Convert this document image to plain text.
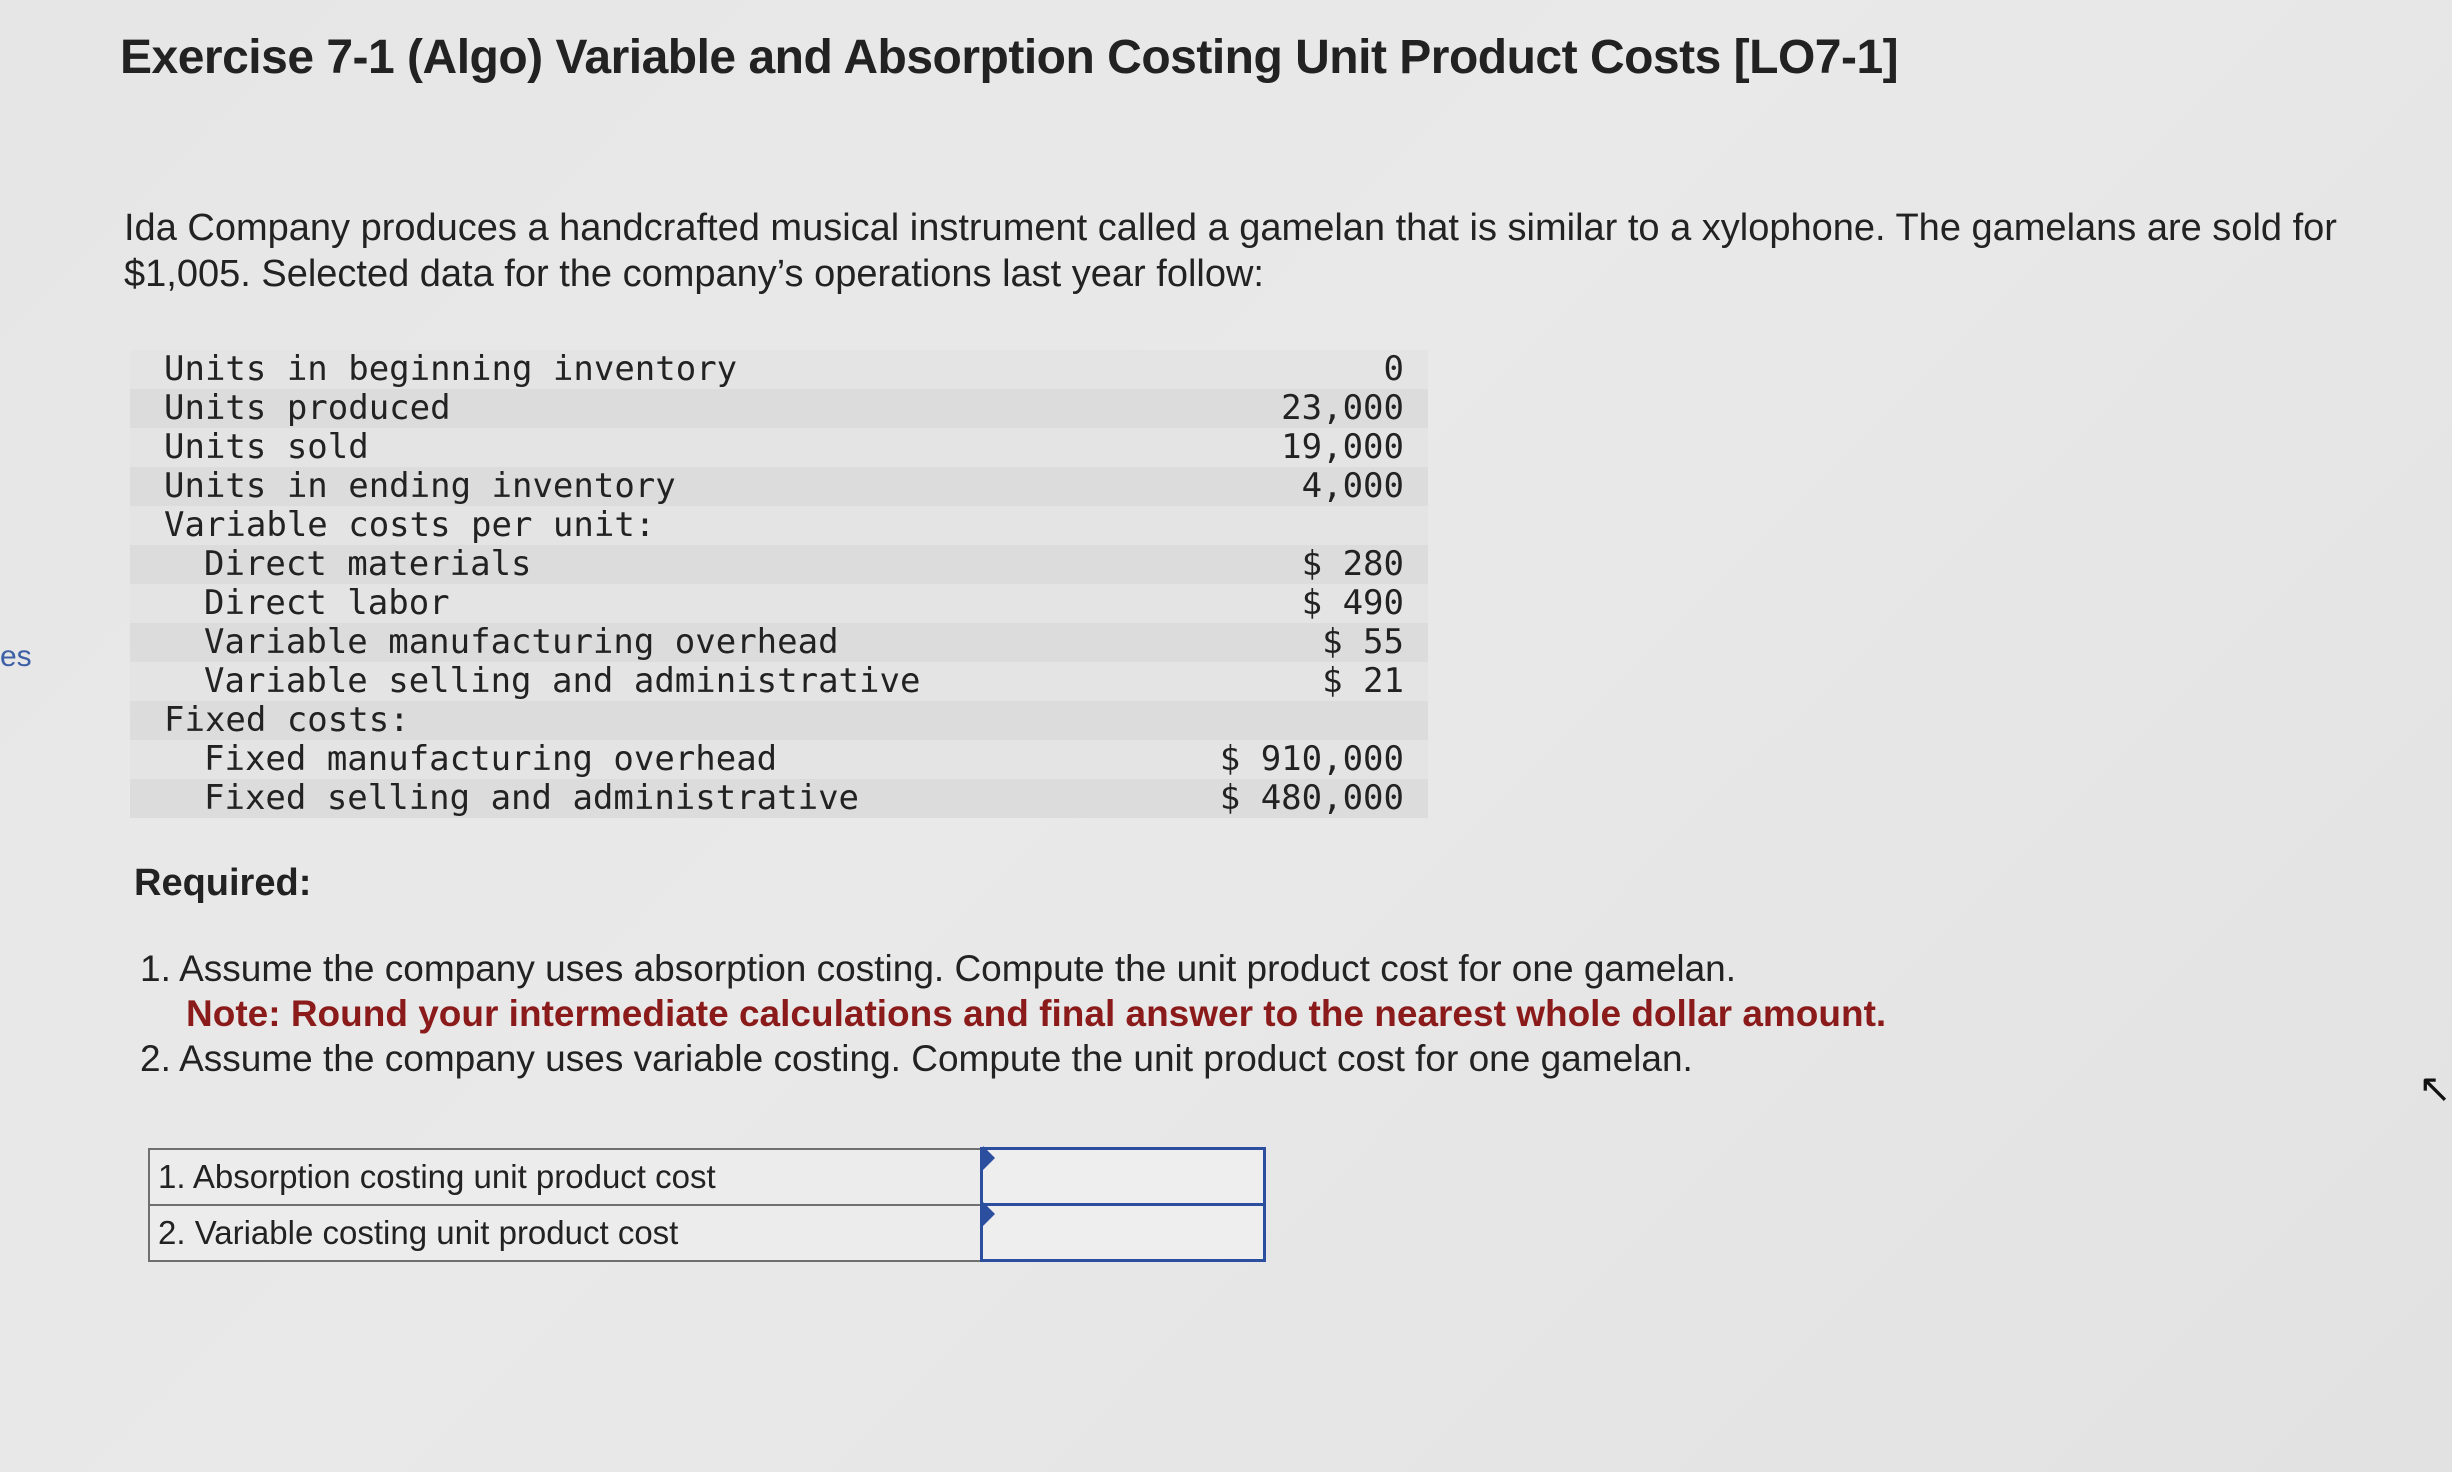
es
Exercise 7-1 (Algo) Variable and Absorption Costing Unit Product Costs [LO7-1]

Ida Company produces a handcrafted musical instrument called a gamelan that is similar to a xylophone. The gamelans are sold for
$1,005. Selected data for the company’s operations last year follow:

Units in beginning inventory	0
Units produced	23,000
Units sold	19,000
Units in ending inventory	4,000
Variable costs per unit:	
Direct materials	$ 280
Direct labor	$ 490
Variable manufacturing overhead	$ 55
Variable selling and administrative	$ 21
Fixed costs:	
Fixed manufacturing overhead	$ 910,000
Fixed selling and administrative	$ 480,000
Required:
1. Assume the company uses absorption costing. Compute the unit product cost for one gamelan.
Note: Round your intermediate calculations and final answer to the nearest whole dollar amount.
2. Assume the company uses variable costing. Compute the unit product cost for one gamelan.
1. Absorption costing unit product cost	
2. Variable costing unit product cost	
↖
